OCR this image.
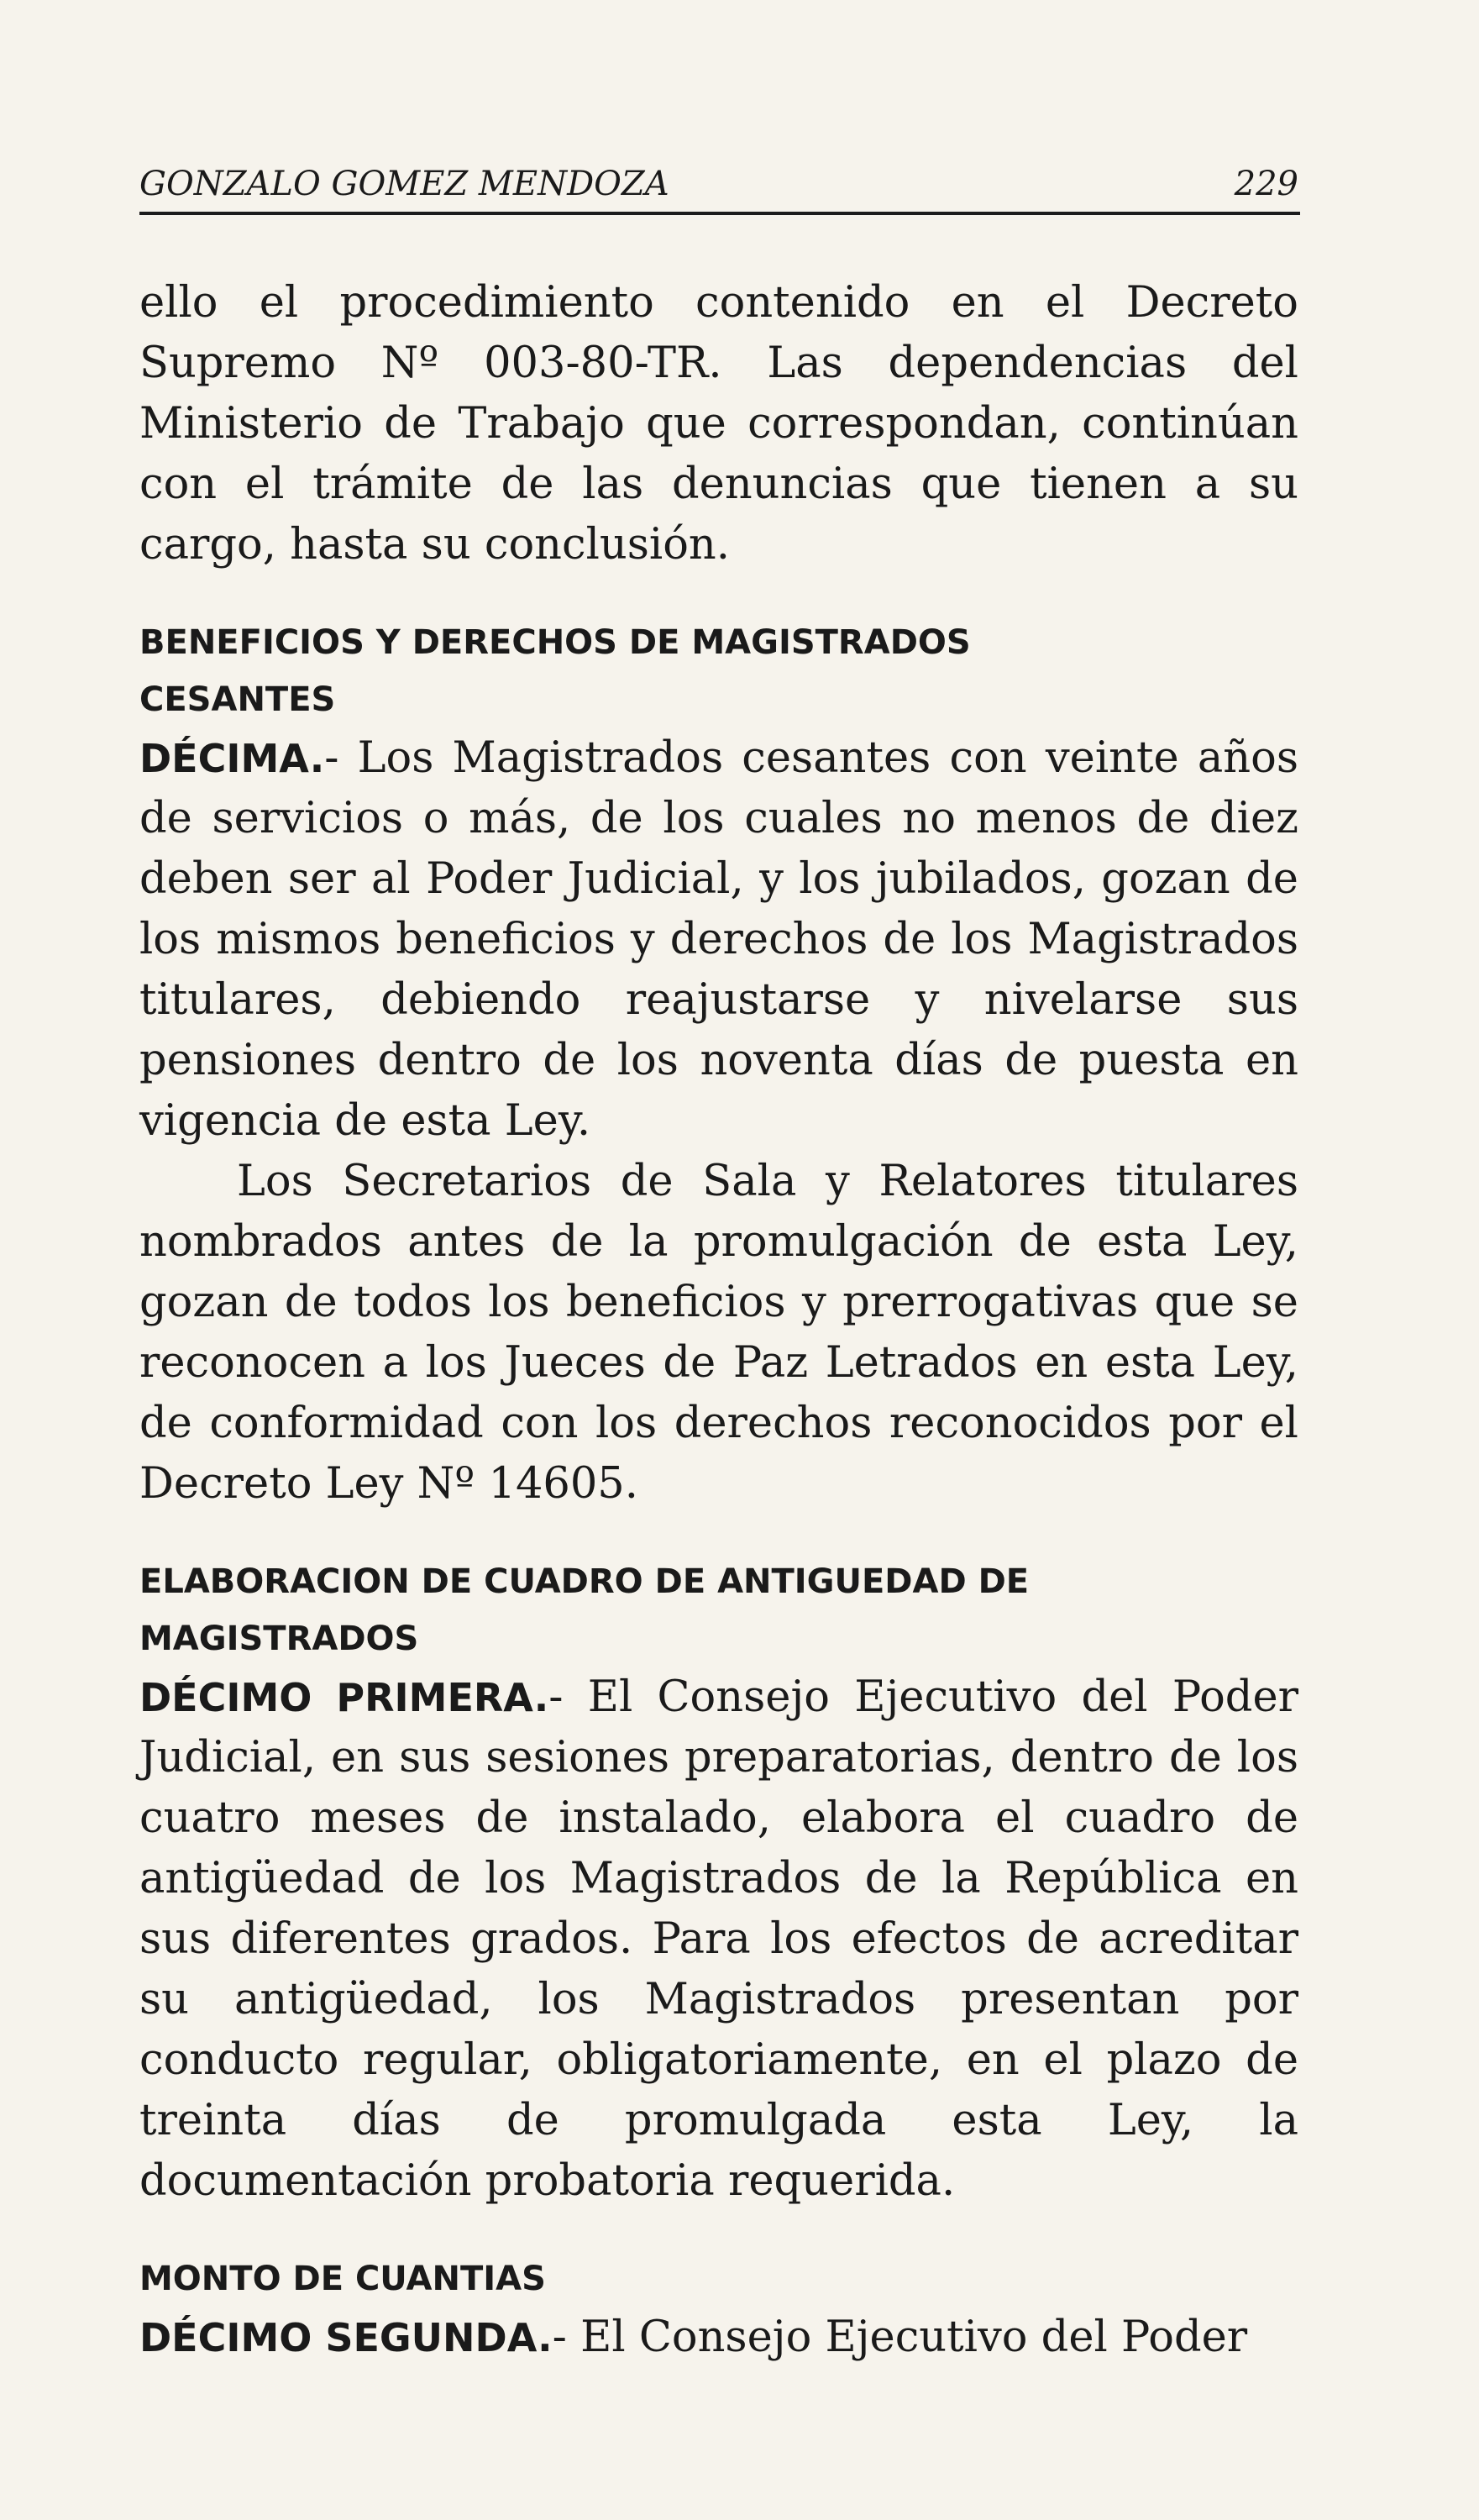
GONZALO GOMEZ MENDOZA	229

ello el procedimiento contenido en el Decreto Supremo Nº 003-80-TR. Las dependencias del Ministerio de Trabajo que correspondan, continúan con el trámite de las denuncias que tienen a su cargo, hasta su conclusión.

BENEFICIOS Y DERECHOS DE MAGISTRADOS
CESANTES

DÉCIMA.- Los Magistrados cesantes con veinte años de servicios o más, de los cuales no menos de diez deben ser al Poder Judicial, y los jubilados, gozan de los mismos beneficios y derechos de los Magistrados titulares, debiendo reajustarse y nivelarse sus pensiones dentro de los noventa días de puesta en vigencia de esta Ley.

Los Secretarios de Sala y Relatores titulares nombrados antes de la promulgación de esta Ley, gozan de todos los beneficios y prerrogativas que se reconocen a los Jueces de Paz Letrados en esta Ley, de conformidad con los derechos reconocidos por el Decreto Ley Nº 14605.

ELABORACION DE CUADRO DE ANTIGUEDAD DE
MAGISTRADOS

DÉCIMO PRIMERA.- El Consejo Ejecutivo del Poder Judicial, en sus sesiones preparatorias, dentro de los cuatro meses de instalado, elabora el cuadro de antigüedad de los Magistrados de la República en sus diferentes grados. Para los efectos de acreditar su antigüedad, los Magistrados presentan por conducto regular, obligatoriamente, en el plazo de treinta días de promulgada esta Ley, la documentación probatoria requerida.

MONTO DE CUANTIAS

DÉCIMO SEGUNDA.- El Consejo Ejecutivo del Poder
